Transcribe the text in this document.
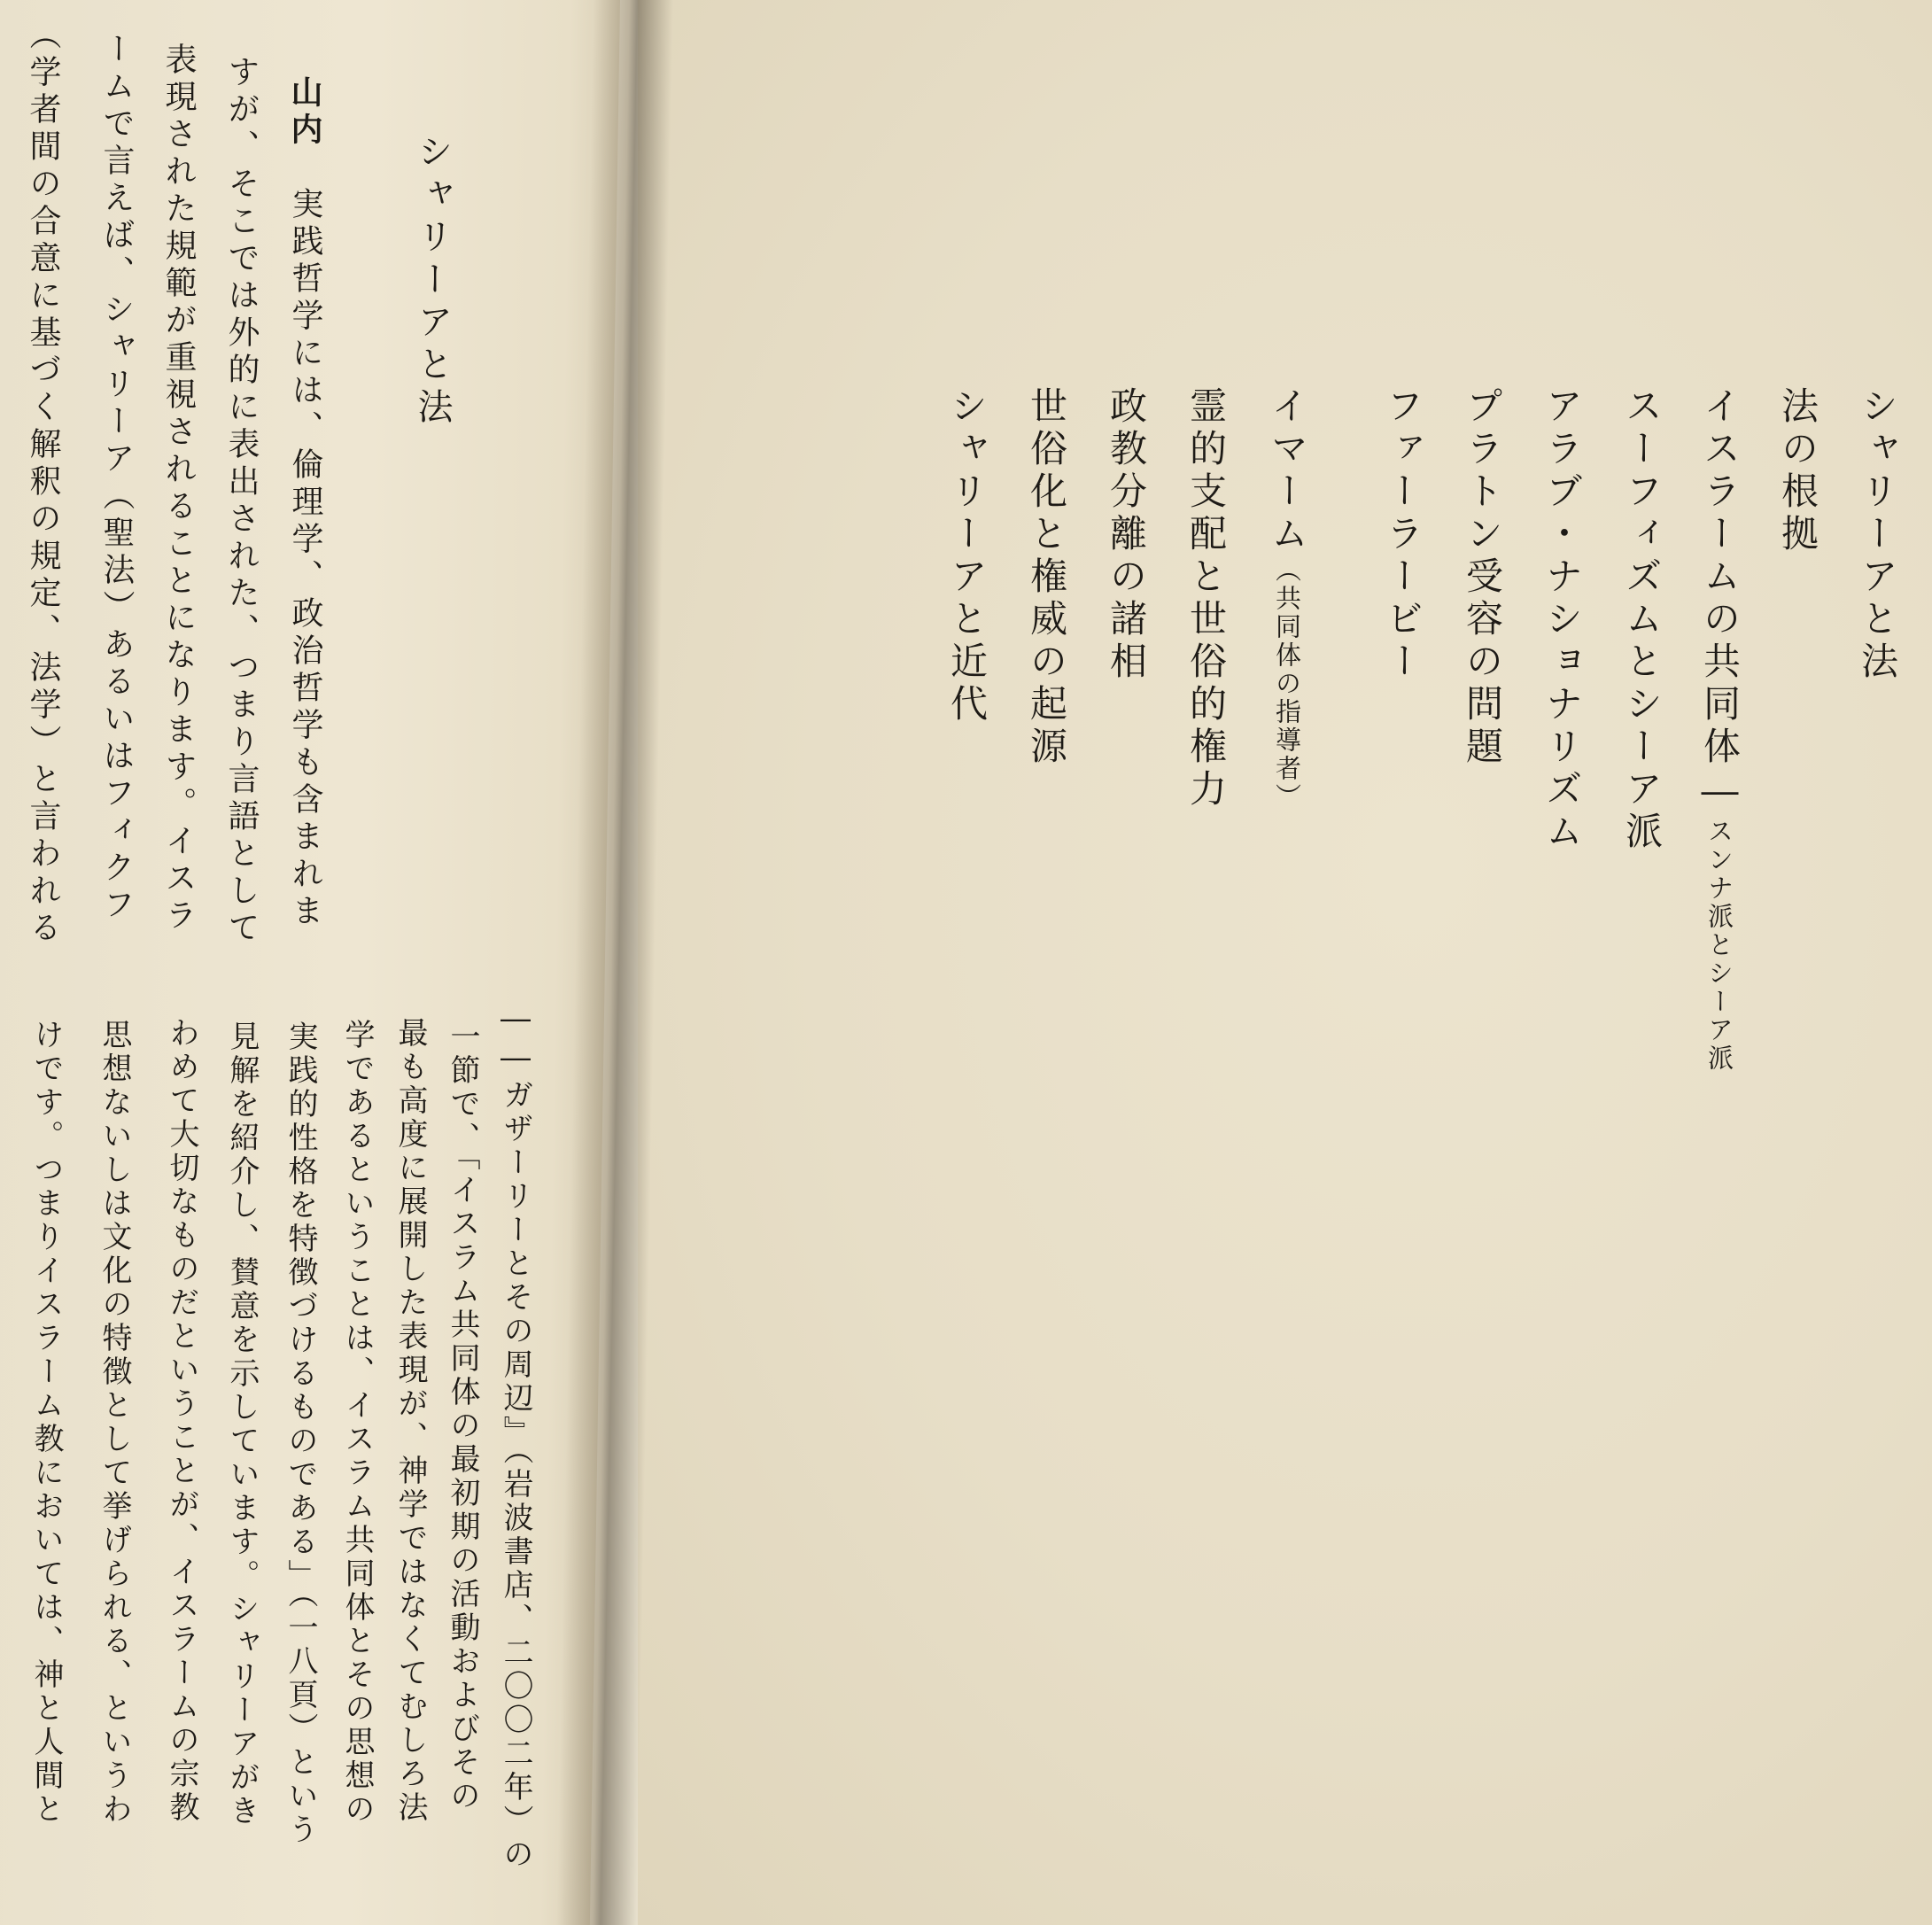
シャリーアと法
山内　実践哲学には、倫理学、政治哲学も含まれま
すが、そこでは外的に表出された、つまり言語として
表現された規範が重視されることになります。イスラ
ームで言えば、シャリーア（聖法）あるいはフィクフ
（学者間の合意に基づく解釈の規定、法学）と言われる
――ガザーリーとその周辺』（岩波書店、二〇〇二年）の
一節で、「イスラム共同体の最初期の活動およびその
最も高度に展開した表現が、神学ではなくてむしろ法
学であるということは、イスラム共同体とその思想の
実践的性格を特徴づけるものである」（一八頁）という
見解を紹介し、賛意を示しています。シャリーアがき
わめて大切なものだということが、イスラームの宗教
思想ないしは文化の特徴として挙げられる、というわ
けです。つまりイスラーム教においては、神と人間と
シャリーアと法
法の根拠
イスラームの共同体―スンナ派とシーア派
スーフィズムとシーア派
アラブ・ナショナリズム
プラトン受容の問題
ファーラービー
イマーム（共同体の指導者）
霊的支配と世俗的権力
政教分離の諸相
世俗化と権威の起源
シャリーアと近代
